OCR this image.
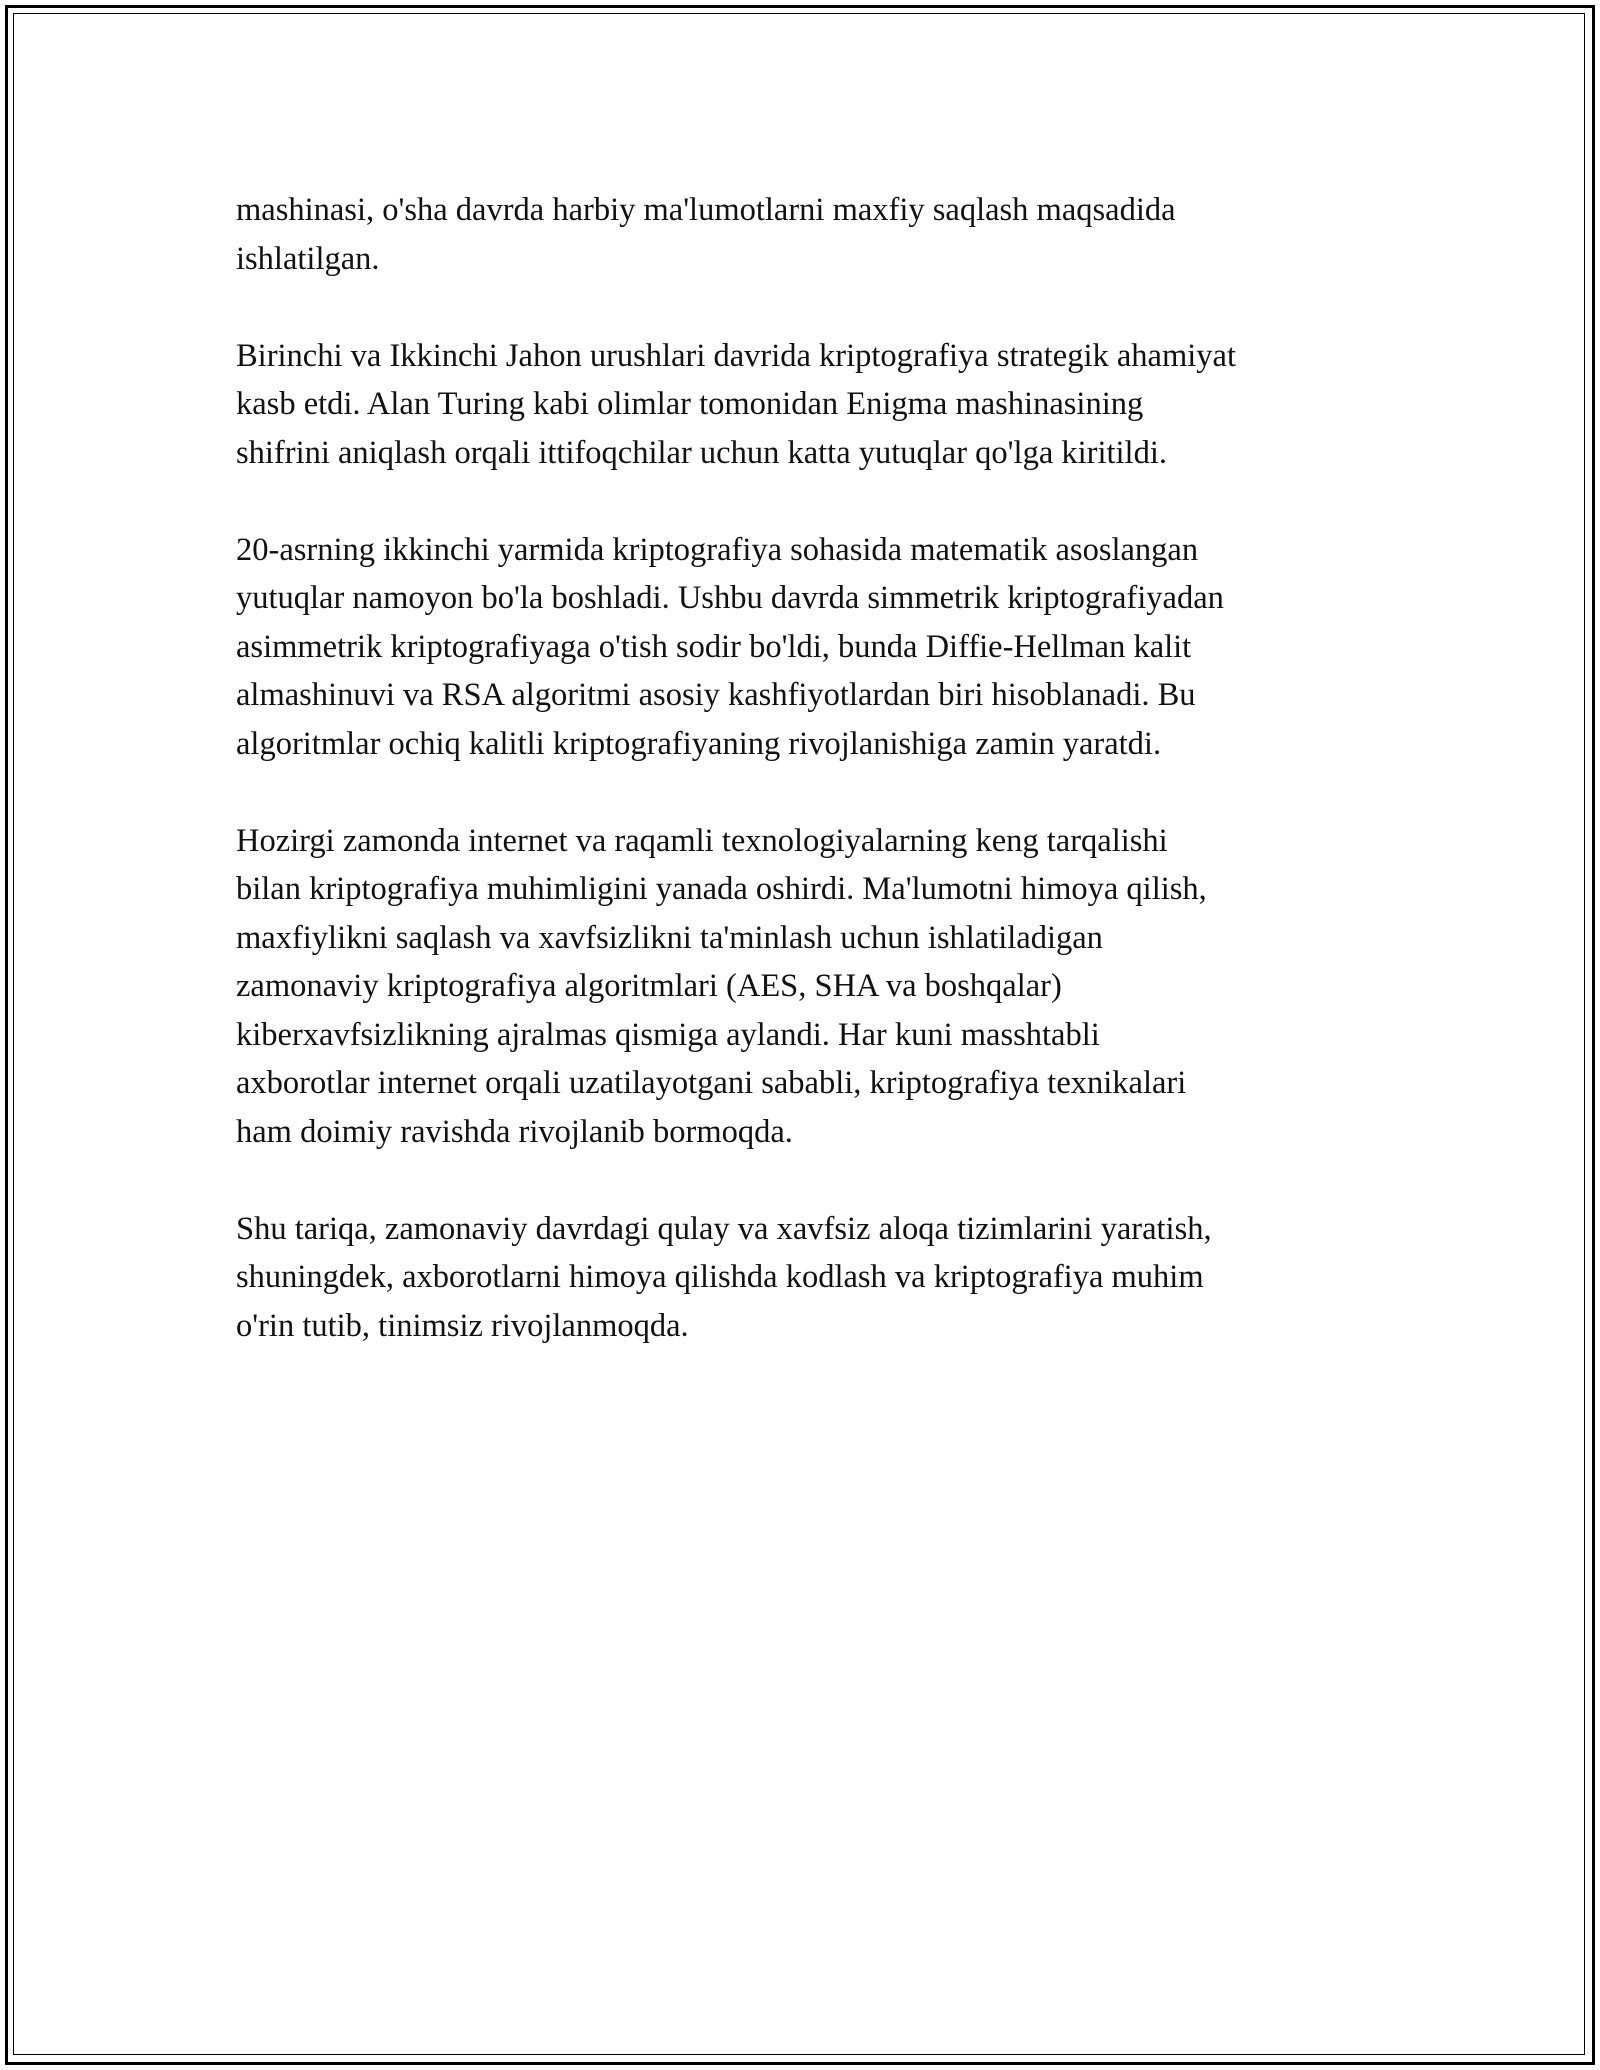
mashinasi, o'sha davrda harbiy ma'lumotlarni maxfiy saqlash maqsadida
ishlatilgan.

Birinchi va Ikkinchi Jahon urushlari davrida kriptografiya strategik ahamiyat
kasb etdi. Alan Turing kabi olimlar tomonidan Enigma mashinasining
shifrini aniqlash orqali ittifoqchilar uchun katta yutuqlar qo'lga kiritildi.

20-asrning ikkinchi yarmida kriptografiya sohasida matematik asoslangan
yutuqlar namoyon bo'la boshladi. Ushbu davrda simmetrik kriptografiyadan
asimmetrik kriptografiyaga o'tish sodir bo'ldi, bunda Diffie-Hellman kalit
almashinuvi va RSA algoritmi asosiy kashfiyotlardan biri hisoblanadi. Bu
algoritmlar ochiq kalitli kriptografiyaning rivojlanishiga zamin yaratdi.

Hozirgi zamonda internet va raqamli texnologiyalarning keng tarqalishi
bilan kriptografiya muhimligini yanada oshirdi. Ma'lumotni himoya qilish,
maxfiylikni saqlash va xavfsizlikni ta'minlash uchun ishlatiladigan
zamonaviy kriptografiya algoritmlari (AES, SHA va boshqalar)
kiberxavfsizlikning ajralmas qismiga aylandi. Har kuni masshtabli
axborotlar internet orqali uzatilayotgani sababli, kriptografiya texnikalari
ham doimiy ravishda rivojlanib bormoqda.

Shu tariqa, zamonaviy davrdagi qulay va xavfsiz aloqa tizimlarini yaratish,
shuningdek, axborotlarni himoya qilishda kodlash va kriptografiya muhim
o'rin tutib, tinimsiz rivojlanmoqda.
